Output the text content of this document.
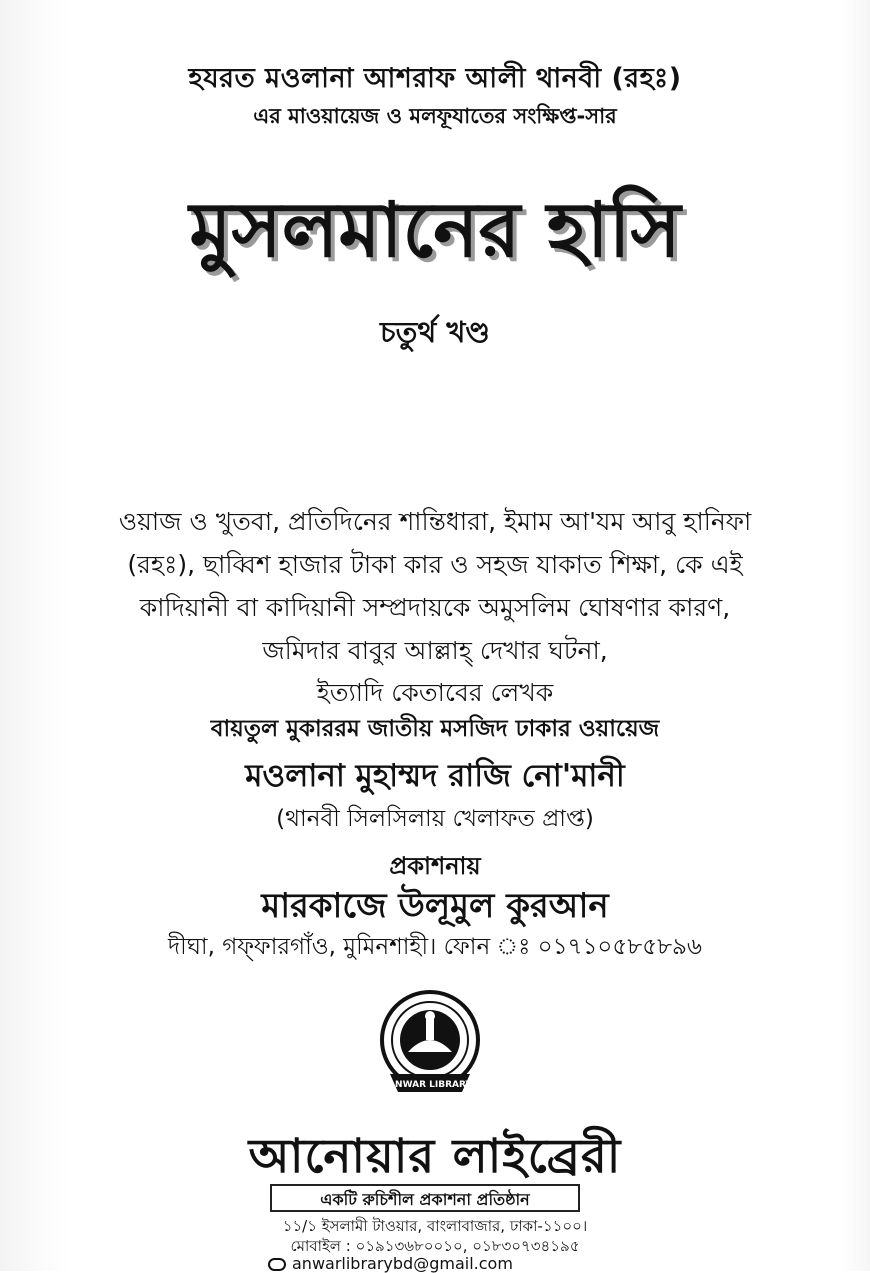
হযরত মওলানা আশরাফ আলী থানবী (রহঃ)
এর মাওয়ায়েজ ও মলফূযাতের সংক্ষিপ্ত-সার
মুসলমানের হাসি
চতুর্থ খণ্ড
ওয়াজ ও খুতবা, প্রতিদিনের শান্তিধারা, ইমাম আ'যম আবু হানিফা
(রহঃ), ছাব্বিশ হাজার টাকা কার ও সহজ যাকাত শিক্ষা, কে এই
কাদিয়ানী বা কাদিয়ানী সম্প্রদায়কে অমুসলিম ঘোষণার কারণ,
জমিদার বাবুর আল্লাহ্ দেখার ঘটনা,
ইত্যাদি কেতাবের লেখক
বায়তুল মুকাররম জাতীয় মসজিদ ঢাকার ওয়ায়েজ
মওলানা মুহাম্মদ রাজি নো'মানী
(থানবী সিলসিলায় খেলাফত প্রাপ্ত)
প্রকাশনায়
মারকাজে উলূমুল কুরআন
দীঘা, গফ্ফারগাঁও, মুমিনশাহী। ফোন ঃ ০১৭১০৫৮৫৮৯৬
ANWAR LIBRARY
আনোয়ার লাইব্রেরী
একটি রুচিশীল প্রকাশনা প্রতিষ্ঠান
১১/১ ইসলামী টাওয়ার, বাংলাবাজার, ঢাকা-১১০০।
মোবাইল : ০১৯১৩৬৮০০১০, ০১৮৩০৭৩৪১৯৫
anwarlibrarybd@gmail.com
